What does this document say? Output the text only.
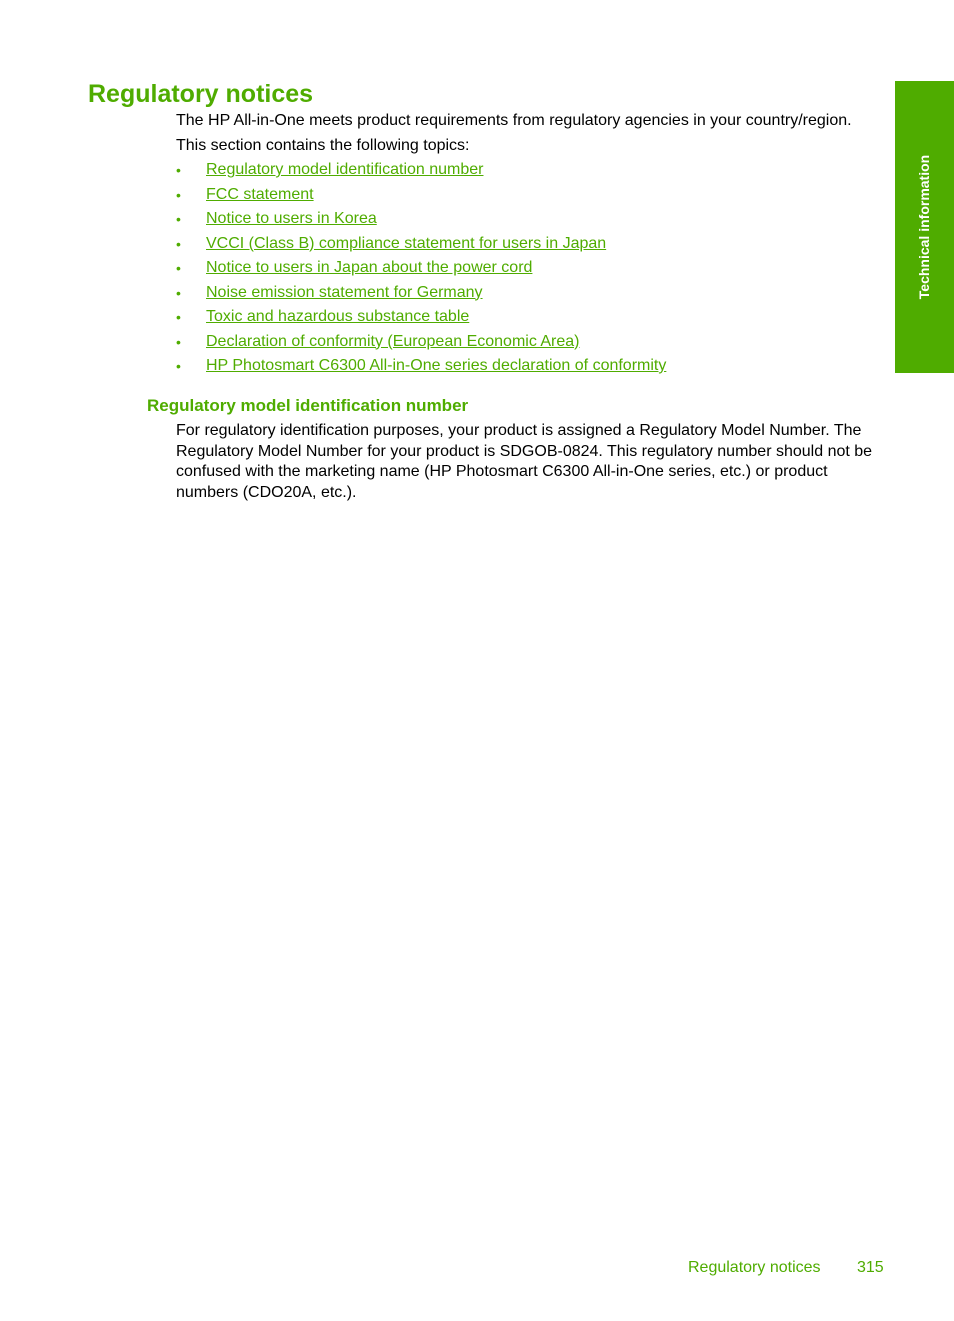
Regulatory notices

The HP All-in-One meets product requirements from regulatory agencies in your country/region.

This section contains the following topics:

• Regulatory model identification number
• FCC statement
• Notice to users in Korea
• VCCI (Class B) compliance statement for users in Japan
• Notice to users in Japan about the power cord
• Noise emission statement for Germany
• Toxic and hazardous substance table
• Declaration of conformity (European Economic Area)
• HP Photosmart C6300 All-in-One series declaration of conformity
Regulatory model identification number

For regulatory identification purposes, your product is assigned a Regulatory Model Number. The Regulatory Model Number for your product is SDGOB-0824. This regulatory number should not be confused with the marketing name (HP Photosmart C6300 All-in-One series, etc.) or product numbers (CDO20A, etc.).

Technical information
Regulatory notices 315
